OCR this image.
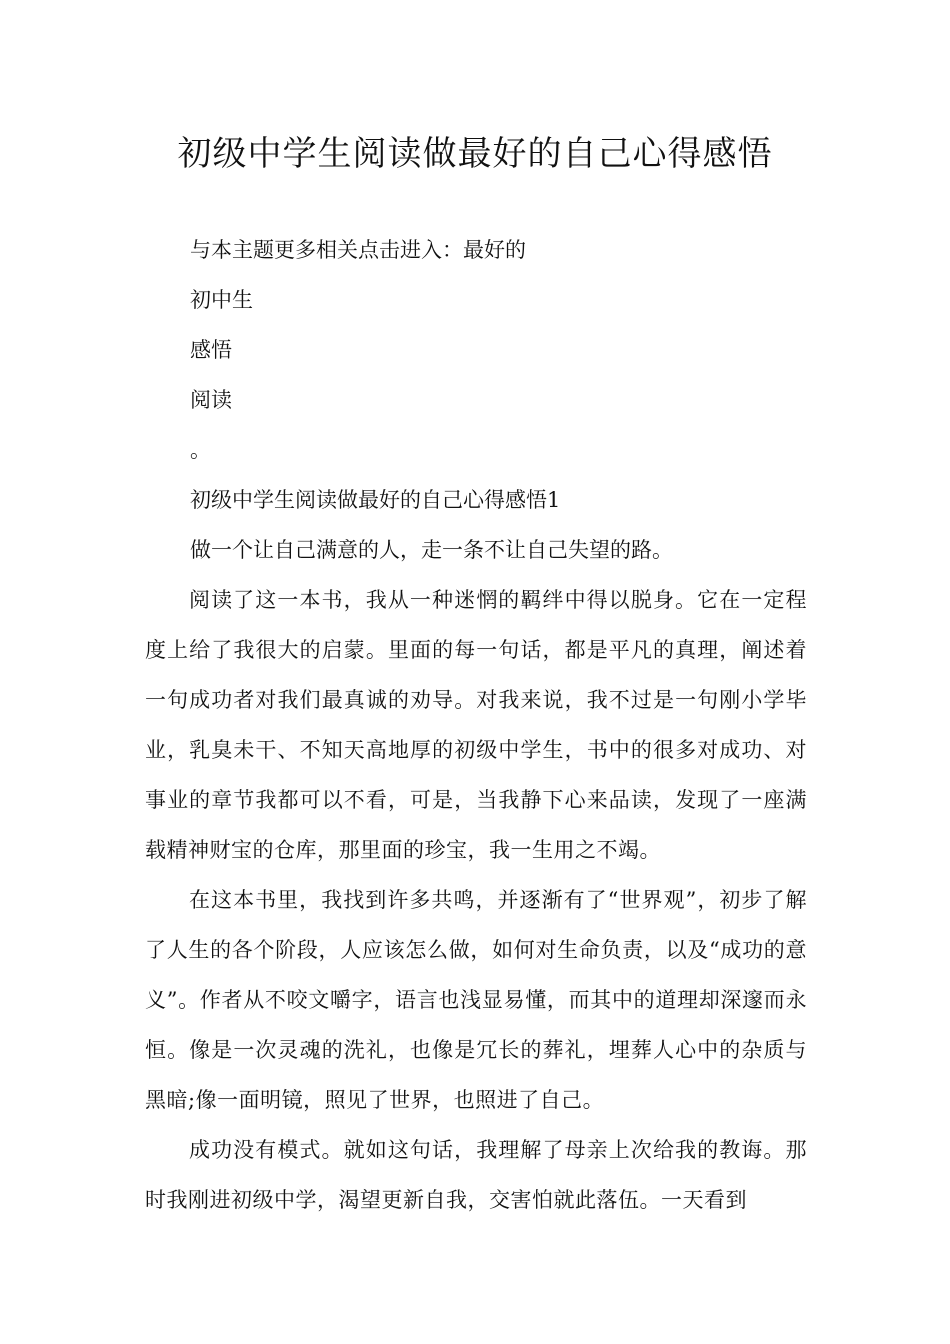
初级中学生阅读做最好的自己心得感悟

与本主题更多相关点击进入：最好的

初中生

感悟

阅读

。

初级中学生阅读做最好的自己心得感悟1

做一个让自己满意的人，走一条不让自己失望的路。

阅读了这一本书，我从一种迷惘的羁绊中得以脱身。它在一定程度上给了我很大的启蒙。里面的每一句话，都是平凡的真理，阐述着一句成功者对我们最真诚的劝导。对我来说，我不过是一句刚小学毕业，乳臭未干、不知天高地厚的初级中学生，书中的很多对成功、对事业的章节我都可以不看，可是，当我静下心来品读，发现了一座满载精神财宝的仓库，那里面的珍宝，我一生用之不竭。

在这本书里，我找到许多共鸣，并逐渐有了“世界观”，初步了解了人生的各个阶段，人应该怎么做，如何对生命负责，以及“成功的意义”。作者从不咬文嚼字，语言也浅显易懂，而其中的道理却深邃而永恒。像是一次灵魂的洗礼，也像是冗长的葬礼，埋葬人心中的杂质与黑暗;像一面明镜，照见了世界，也照进了自己。

成功没有模式。就如这句话，我理解了母亲上次给我的教诲。那时我刚进初级中学，渴望更新自我，交害怕就此落伍。一天看到
